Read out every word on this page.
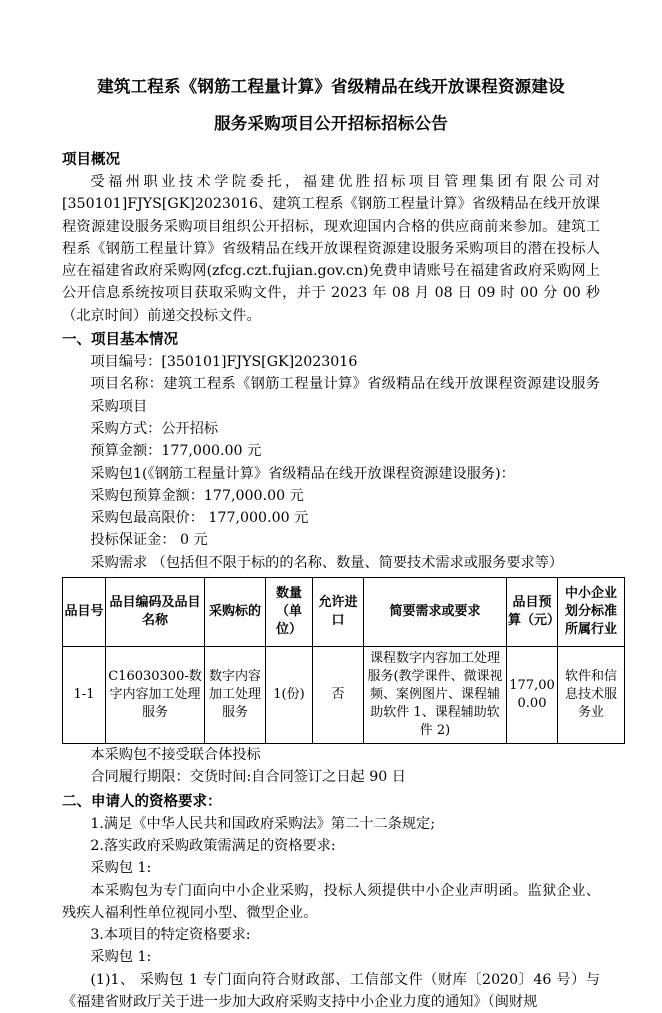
建筑工程系《钢筋工程量计算》省级精品在线开放课程资源建设
服务采购项目公开招标招标公告
项目概况

受福州职业技术学院委托，福建优胜招标项目管理集团有限公司对[350101]FJYS[GK]2023016、建筑工程系《钢筋工程量计算》省级精品在线开放课程资源建设服务采购项目组织公开招标，现欢迎国内合格的供应商前来参加。建筑工程系《钢筋工程量计算》省级精品在线开放课程资源建设服务采购项目的潜在投标人应在福建省政府采购网(zfcg.czt.fujian.gov.cn)免费申请账号在福建省政府采购网上公开信息系统按项目获取采购文件，并于 2023 年 08 月 08 日 09 时 00 分 00 秒（北京时间）前递交投标文件。

一、项目基本情况

项目编号：[350101]FJYS[GK]2023016

项目名称：建筑工程系《钢筋工程量计算》省级精品在线开放课程资源建设服务采购项目

采购方式：公开招标

预算金额：177,000.00 元

采购包1(《钢筋工程量计算》省级精品在线开放课程资源建设服务)：

采购包预算金额：177,000.00 元

采购包最高限价： 177,000.00 元

投标保证金： 0 元

采购需求 （包括但不限于标的的名称、数量、简要技术需求或服务要求等）

品目号	品目编码及品目名称	采购标的	数量（单位）	允许进口	简要需求或要求	品目预算（元）	中小企业划分标准所属行业
1-1	C16030300-数字内容加工处理服务	数字内容加工处理服务	1(份)	否	课程数字内容加工处理服务(教学课件、微课视频、案例图片、课程辅助软件 1、课程辅助软件 2)	177,000.00	软件和信息技术服务业

本采购包不接受联合体投标

合同履行期限：交货时间:自合同签订之日起 90 日

二、申请人的资格要求：

1.满足《中华人民共和国政府采购法》第二十二条规定;

2.落实政府采购政策需满足的资格要求:

采购包 1:

本采购包为专门面向中小企业采购，投标人须提供中小企业声明函。监狱企业、残疾人福利性单位视同小型、微型企业。

3.本项目的特定资格要求:

采购包 1:

(1)1、 采购包 1 专门面向符合财政部、工信部文件（财库〔2020〕46 号）与《福建省财政厅关于进一步加大政府采购支持中小企业力度的通知》（闽财规
